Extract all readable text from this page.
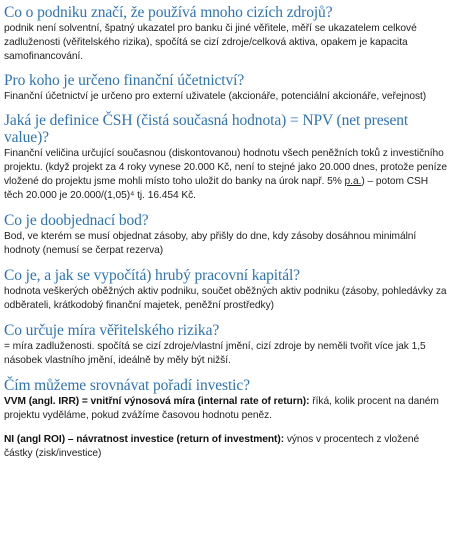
Co o podniku značí, že používá mnoho cizích zdrojů?

podnik není solventní, špatný ukazatel pro banku či jiné věřitele, měří se ukazatelem celkové zadluženosti (věřitelského rizika), spočítá se cizí zdroje/celková aktiva, opakem je kapacita samofinancování.

Pro koho je určeno finanční účetnictví?

Finanční účetnictví je určeno pro externí uživatele (akcionáře, potenciální akcionáře, veřejnost)

Jaká je definice ČSH (čistá současná hodnota) = NPV (net present value)?

Finanční veličina určující současnou (diskontovanou) hodnotu všech peněžních toků z investičního projektu. (když projekt za 4 roky vynese 20.000 Kč, není to stejné jako 20.000 dnes, protože peníze vložené do projektu jsme mohli místo toho uložit do banky na úrok např. 5% p.a.) – potom CSH těch 20.000 je 20.000/(1,05)⁴ tj. 16.454 Kč.

Co je doobjednací bod?

Bod, ve kterém se musí objednat zásoby, aby přišly do dne, kdy zásoby dosáhnou minimální hodnoty (nemusí se čerpat rezerva)

Co je, a jak se vypočítá) hrubý pracovní kapitál?

hodnota veškerých oběžných aktiv podniku, součet oběžných aktiv podniku (zásoby, pohledávky za odběrateli, krátkodobý finanční majetek, peněžní prostředky)

Co určuje míra věřitelského rizika?

= míra zadluženosti. spočítá se cizí zdroje/vlastní jmění, cizí zdroje by neměli tvořit více jak 1,5 násobek vlastního jmění, ideálně by měly být nižší.

Čím můžeme srovnávat pořadí investic?

VVM (angl. IRR) = vnitřní výnosová míra (internal rate of return): říká, kolik procent na daném projektu vyděláme, pokud zvážíme časovou hodnotu peněz.

NI (angl ROI) – návratnost investice (return of investment): výnos v procentech z vložené částky (zisk/investice)
